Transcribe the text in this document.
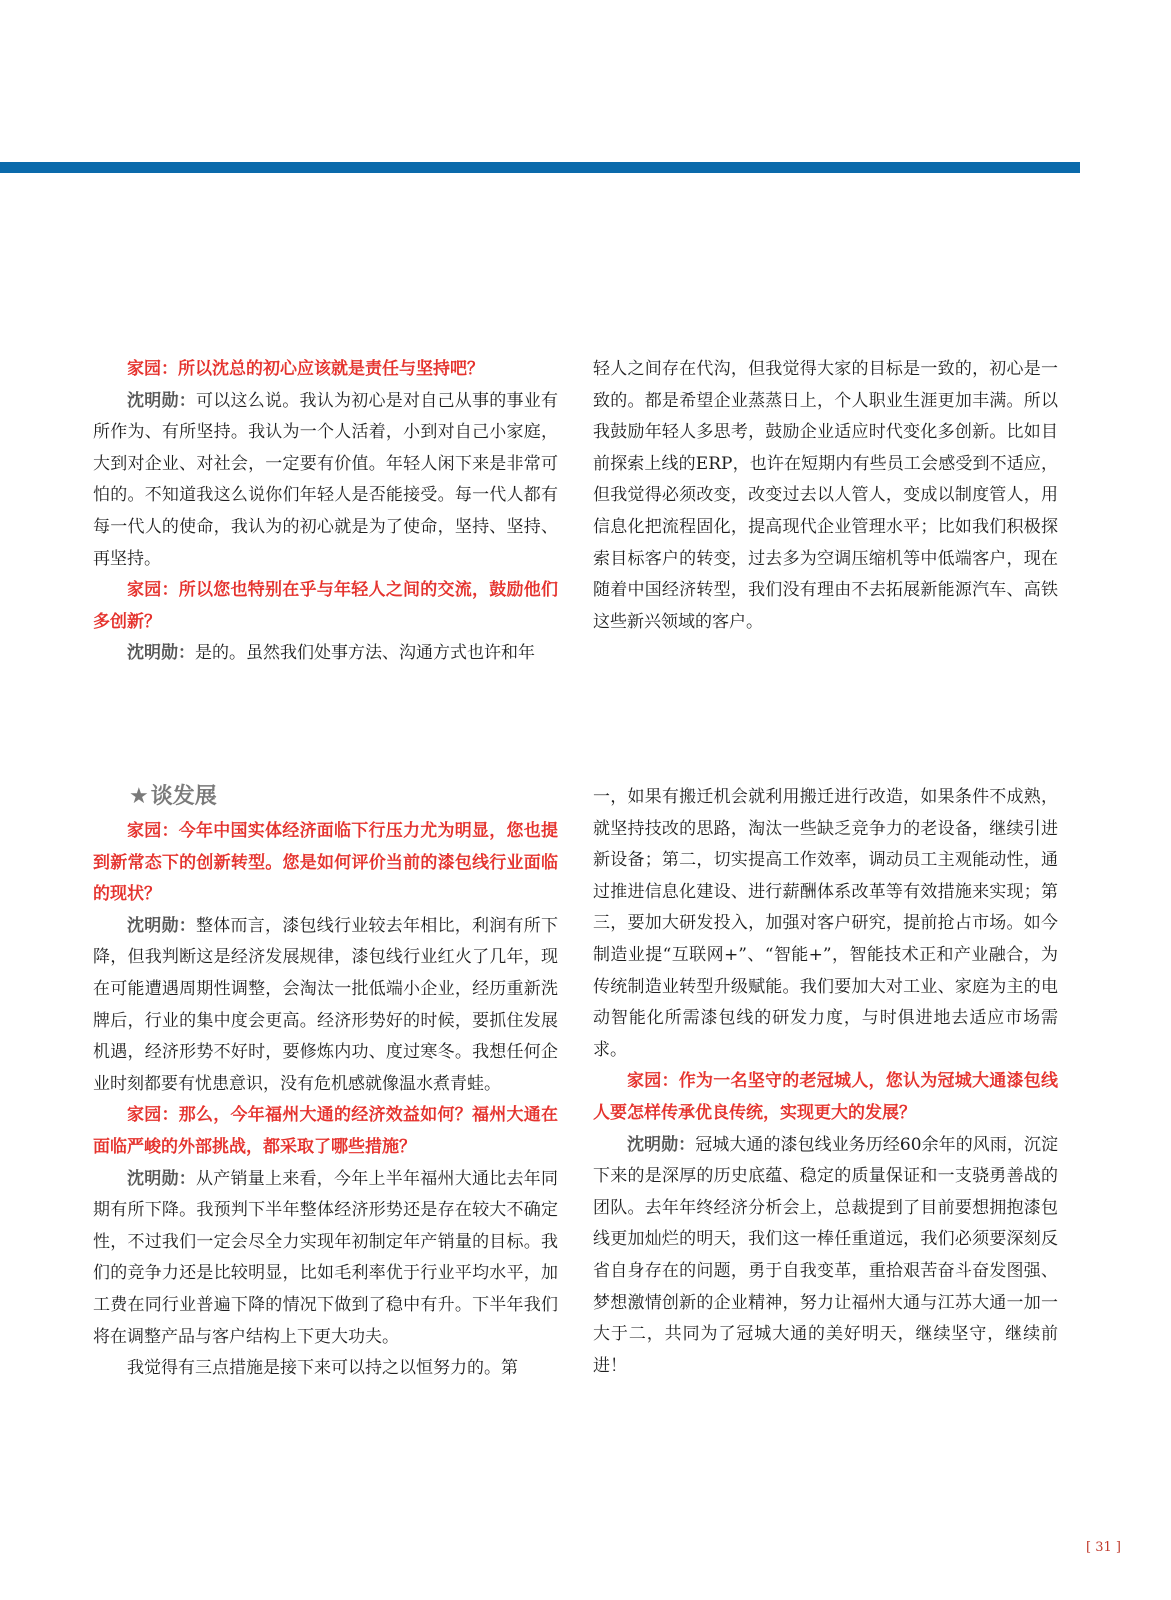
家园：所以沈总的初心应该就是责任与坚持吧？

沈明勋：可以这么说。我认为初心是对自己从事的事业有所作为、有所坚持。我认为一个人活着，小到对自己小家庭，大到对企业、对社会，一定要有价值。年轻人闲下来是非常可怕的。不知道我这么说你们年轻人是否能接受。每一代人都有每一代人的使命，我认为的初心就是为了使命，坚持、坚持、再坚持。

家园：所以您也特别在乎与年轻人之间的交流，鼓励他们多创新？

沈明勋：是的。虽然我们处事方法、沟通方式也许和年

轻人之间存在代沟，但我觉得大家的目标是一致的，初心是一致的。都是希望企业蒸蒸日上，个人职业生涯更加丰满。所以我鼓励年轻人多思考，鼓励企业适应时代变化多创新。比如目前探索上线的ERP，也许在短期内有些员工会感受到不适应，但我觉得必须改变，改变过去以人管人，变成以制度管人，用信息化把流程固化，提高现代企业管理水平；比如我们积极探索目标客户的转变，过去多为空调压缩机等中低端客户，现在随着中国经济转型，我们没有理由不去拓展新能源汽车、高铁这些新兴领域的客户。

★谈发展

家园：今年中国实体经济面临下行压力尤为明显，您也提到新常态下的创新转型。您是如何评价当前的漆包线行业面临的现状？

沈明勋：整体而言，漆包线行业较去年相比，利润有所下降，但我判断这是经济发展规律，漆包线行业红火了几年，现在可能遭遇周期性调整，会淘汰一批低端小企业，经历重新洗牌后，行业的集中度会更高。经济形势好的时候，要抓住发展机遇，经济形势不好时，要修炼内功、度过寒冬。我想任何企业时刻都要有忧患意识，没有危机感就像温水煮青蛙。

家园：那么，今年福州大通的经济效益如何？福州大通在面临严峻的外部挑战，都采取了哪些措施？

沈明勋：从产销量上来看，今年上半年福州大通比去年同期有所下降。我预判下半年整体经济形势还是存在较大不确定性，不过我们一定会尽全力实现年初制定年产销量的目标。我们的竞争力还是比较明显，比如毛利率优于行业平均水平，加工费在同行业普遍下降的情况下做到了稳中有升。下半年我们将在调整产品与客户结构上下更大功夫。

我觉得有三点措施是接下来可以持之以恒努力的。第

一，如果有搬迁机会就利用搬迁进行改造，如果条件不成熟，就坚持技改的思路，淘汰一些缺乏竞争力的老设备，继续引进新设备；第二，切实提高工作效率，调动员工主观能动性，通过推进信息化建设、进行薪酬体系改革等有效措施来实现；第三，要加大研发投入，加强对客户研究，提前抢占市场。如今制造业提“互联网+”、“智能+”，智能技术正和产业融合，为传统制造业转型升级赋能。我们要加大对工业、家庭为主的电动智能化所需漆包线的研发力度，与时俱进地去适应市场需求。

家园：作为一名坚守的老冠城人，您认为冠城大通漆包线人要怎样传承优良传统，实现更大的发展？

沈明勋：冠城大通的漆包线业务历经60余年的风雨，沉淀下来的是深厚的历史底蕴、稳定的质量保证和一支骁勇善战的团队。去年年终经济分析会上，总裁提到了目前要想拥抱漆包线更加灿烂的明天，我们这一棒任重道远，我们必须要深刻反省自身存在的问题，勇于自我变革，重拾艰苦奋斗奋发图强、梦想激情创新的企业精神，努力让福州大通与江苏大通一加一大于二，共同为了冠城大通的美好明天，继续坚守，继续前进！

[ 31 ]
